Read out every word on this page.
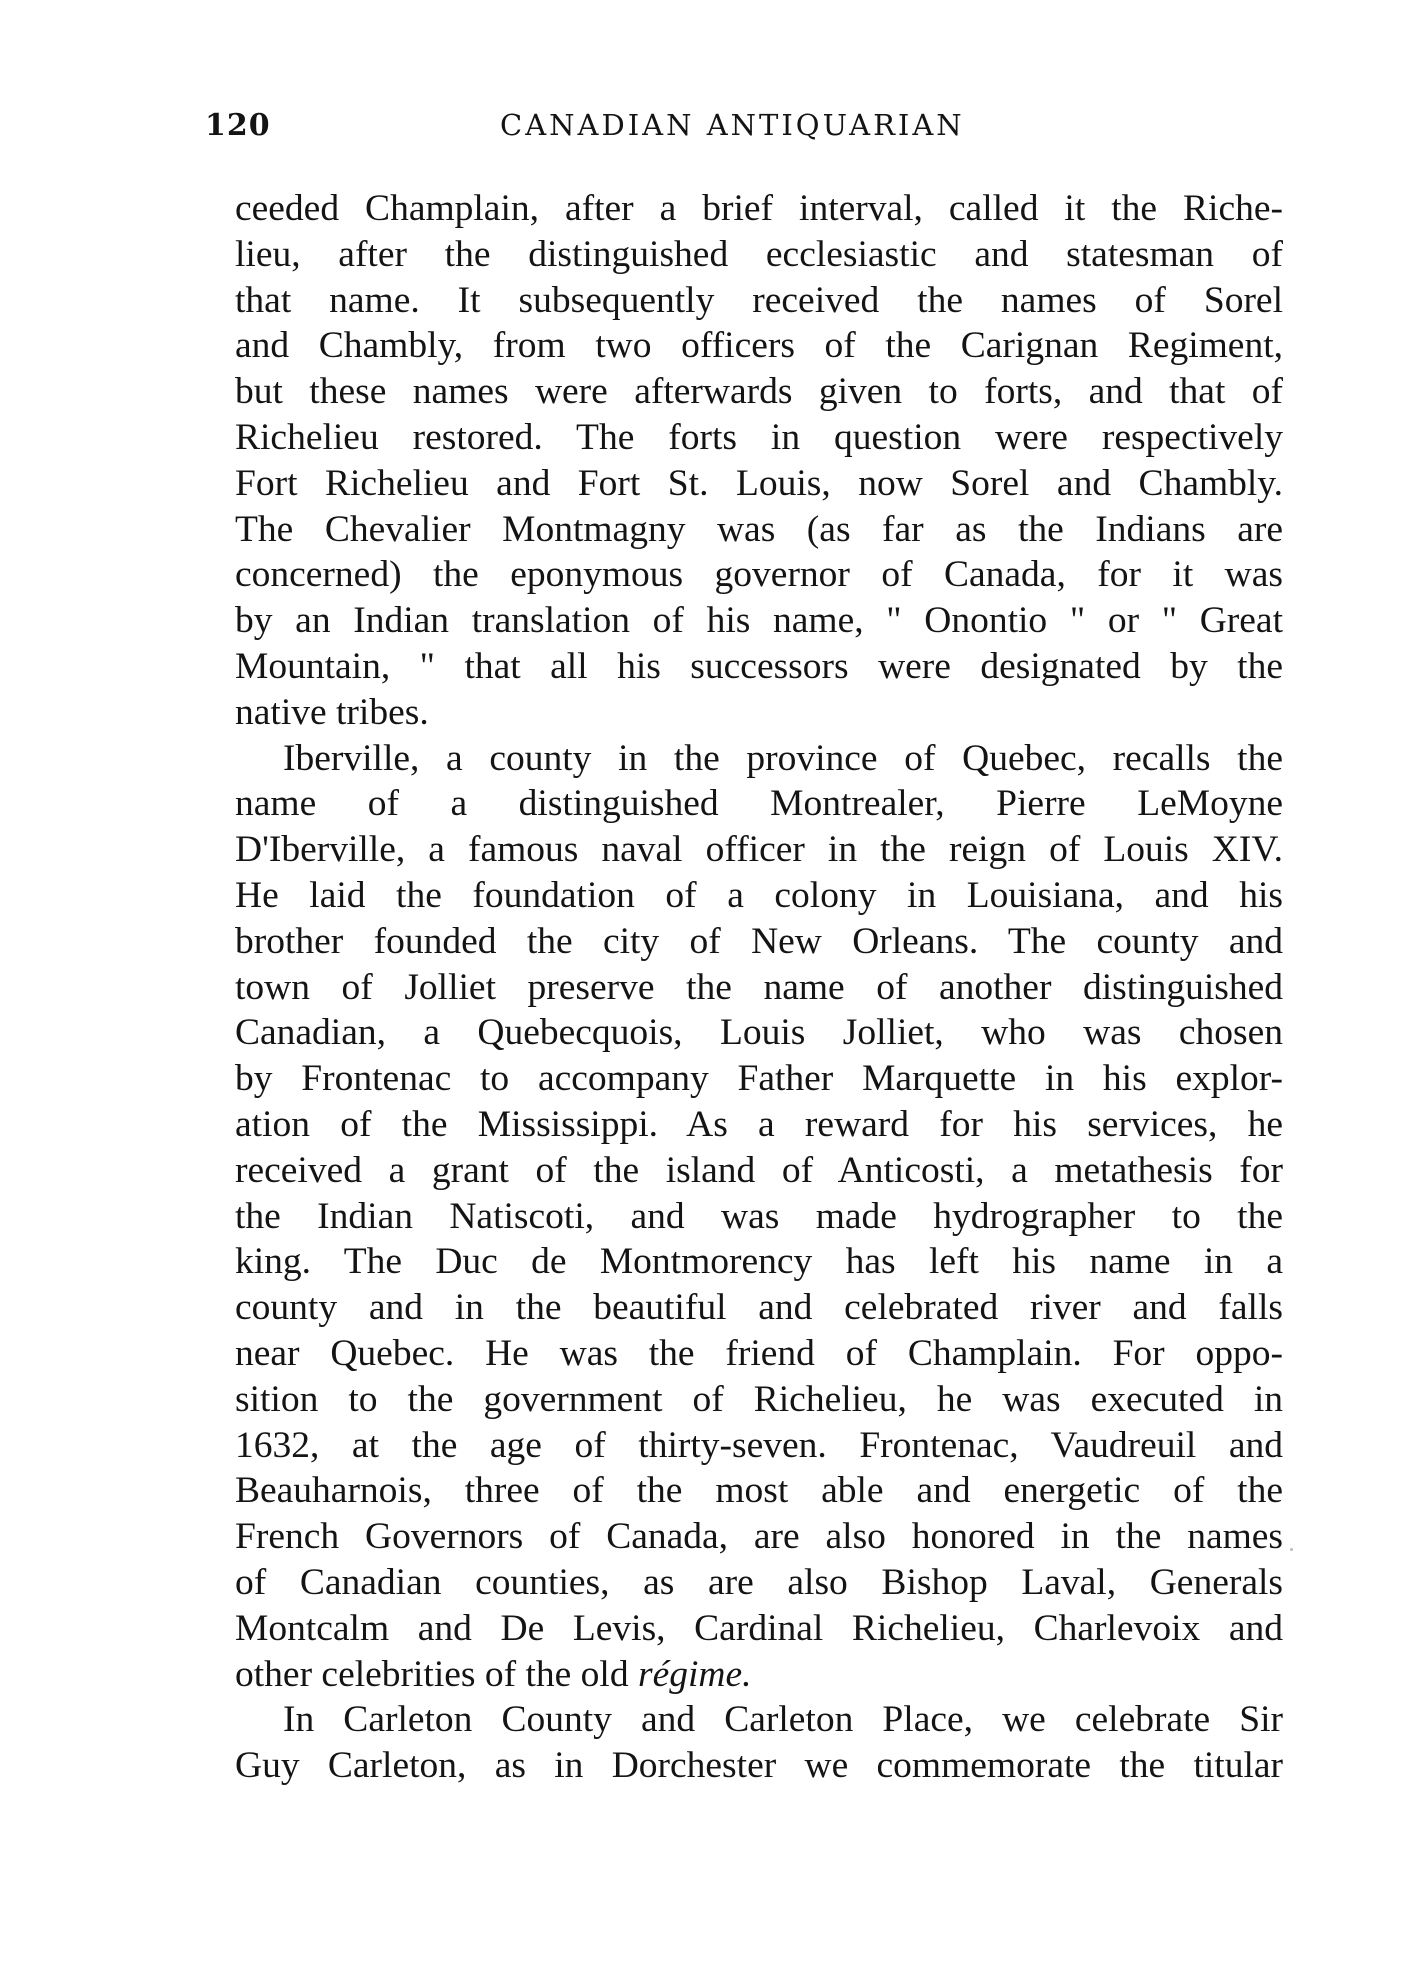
120	CANADIAN ANTIQUARIAN
ceeded Champlain, after a brief interval, called it the Riche-
lieu, after the distinguished ecclesiastic and statesman of
that name. It subsequently received the names of Sorel
and Chambly, from two officers of the Carignan Regiment,
but these names were afterwards given to forts, and that of
Richelieu restored. The forts in question were respectively
Fort Richelieu and Fort St. Louis, now Sorel and Chambly.
The Chevalier Montmagny was (as far as the Indians are
concerned) the eponymous governor of Canada, for it was
by an Indian translation of his name, " Onontio " or " Great
Mountain, " that all his successors were designated by the
native tribes.
Iberville, a county in the province of Quebec, recalls the
name of a distinguished Montrealer, Pierre LeMoyne
D'Iberville, a famous naval officer in the reign of Louis XIV.
He laid the foundation of a colony in Louisiana, and his
brother founded the city of New Orleans. The county and
town of Jolliet preserve the name of another distinguished
Canadian, a Quebecquois, Louis Jolliet, who was chosen
by Frontenac to accompany Father Marquette in his explor-
ation of the Mississippi. As a reward for his services, he
received a grant of the island of Anticosti, a metathesis for
the Indian Natiscoti, and was made hydrographer to the
king. The Duc de Montmorency has left his name in a
county and in the beautiful and celebrated river and falls
near Quebec. He was the friend of Champlain. For oppo-
sition to the government of Richelieu, he was executed in
1632, at the age of thirty-seven. Frontenac, Vaudreuil and
Beauharnois, three of the most able and energetic of the
French Governors of Canada, are also honored in the names
of Canadian counties, as are also Bishop Laval, Generals
Montcalm and De Levis, Cardinal Richelieu, Charlevoix and
other celebrities of the old régime.
In Carleton County and Carleton Place, we celebrate Sir
Guy Carleton, as in Dorchester we commemorate the titular
